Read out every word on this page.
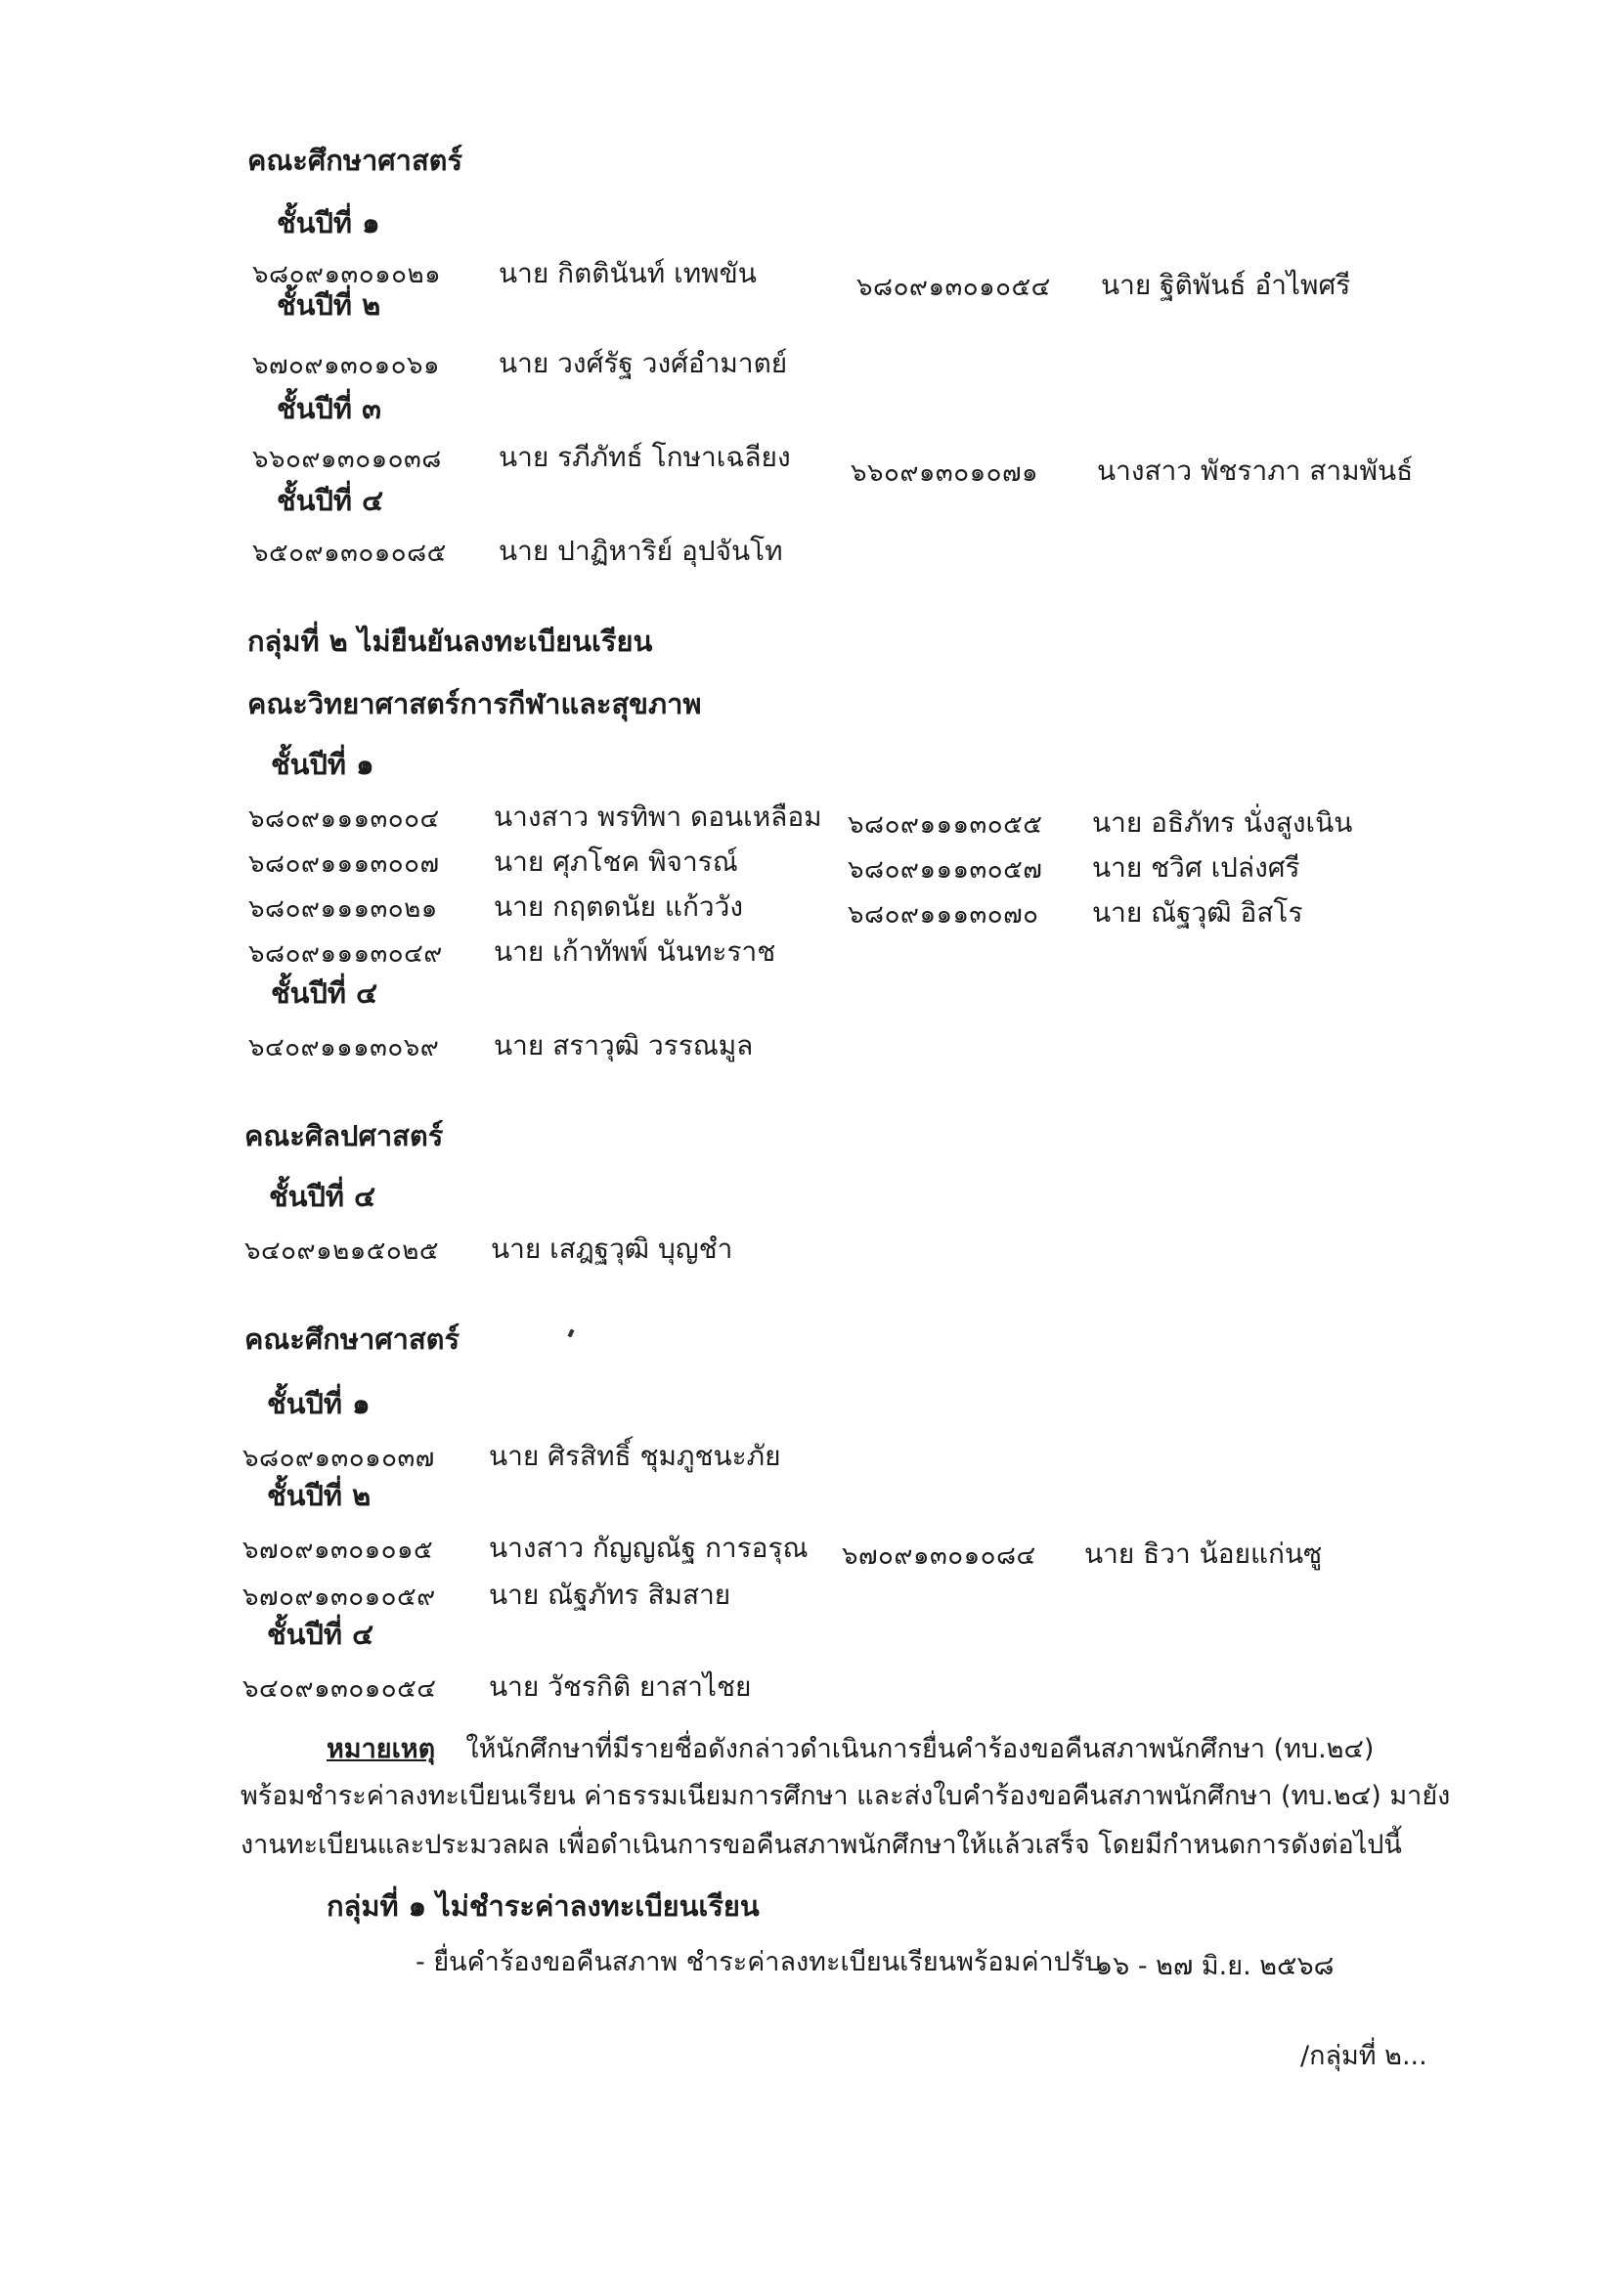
คณะศึกษาศาสตร์
ชั้นปีที่ ๑
๖๘๐๙๑๓๐๑๐๒๑ นาย กิตตินันท์ เทพขัน	๖๘๐๙๑๓๐๑๐๕๔ นาย ฐิติพันธ์ อำไพศรี
ชั้นปีที่ ๒
๖๗๐๙๑๓๐๑๐๖๑ นาย วงศ์รัฐ วงศ์อำมาตย์
ชั้นปีที่ ๓
๖๖๐๙๑๓๐๑๐๓๘ นาย รภีภัทธ์ โกษาเฉลียง ๖๖๐๙๑๓๐๑๐๗๑ นางสาว พัชราภา สามพันธ์
ชั้นปีที่ ๔
๖๕๐๙๑๓๐๑๐๘๕ นาย ปาฏิหาริย์ อุปจันโท
กลุ่มที่ ๒ ไม่ยืนยันลงทะเบียนเรียน
คณะวิทยาศาสตร์การกีฬาและสุขภาพ
ชั้นปีที่ ๑
๖๘๐๙๑๑๑๓๐๐๔ นางสาว พรทิพา ดอนเหลือม ๖๘๐๙๑๑๑๓๐๕๕ นาย อธิภัทร นั่งสูงเนิน
๖๘๐๙๑๑๑๓๐๐๗ นาย ศุภโชค พิจารณ์	๖๘๐๙๑๑๑๓๐๕๗ นาย ชวิศ เปล่งศรี
๖๘๐๙๑๑๑๓๐๒๑ นาย กฤตดนัย แก้ววัง	๖๘๐๙๑๑๑๓๐๗๐ นาย ณัฐวุฒิ อิสโร
๖๘๐๙๑๑๑๓๐๔๙ นาย เก้าทัพพ์ นันทะราช
ชั้นปีที่ ๔
๖๔๐๙๑๑๑๓๐๖๙ นาย สราวุฒิ วรรณมูล
คณะศิลปศาสตร์
ชั้นปีที่ ๔
๖๔๐๙๑๒๑๕๐๒๕ นาย เสฎฐวุฒิ บุญชำ
คณะศึกษาศาสตร์
ชั้นปีที่ ๑
๖๘๐๙๑๓๐๑๐๓๗ นาย ศิรสิทธิ์ ชุมภูชนะภัย
ชั้นปีที่ ๒
๖๗๐๙๑๓๐๑๐๑๕ นางสาว กัญญณัฐ การอรุณ ๖๗๐๙๑๓๐๑๐๘๔ นาย ธิวา น้อยแก่นซู
๖๗๐๙๑๓๐๑๐๕๙ นาย ณัฐภัทร สิมสาย
ชั้นปีที่ ๔
๖๔๐๙๑๓๐๑๐๕๔ นาย วัชรกิติ ยาสาไชย
หมายเหตุ ให้นักศึกษาที่มีรายชื่อดังกล่าวดำเนินการยื่นคำร้องขอคืนสภาพนักศึกษา (ทบ.๒๔)
พร้อมชำระค่าลงทะเบียนเรียน ค่าธรรมเนียมการศึกษา และส่งใบคำร้องขอคืนสภาพนักศึกษา (ทบ.๒๔) มายัง
งานทะเบียนและประมวลผล เพื่อดำเนินการขอคืนสภาพนักศึกษาให้แล้วเสร็จ โดยมีกำหนดการดังต่อไปนี้
กลุ่มที่ ๑ ไม่ชำระค่าลงทะเบียนเรียน
- ยื่นคำร้องขอคืนสภาพ ชำระค่าลงทะเบียนเรียนพร้อมค่าปรับ
๑๖ - ๒๗ มิ.ย. ๒๕๖๘
/กลุ่มที่ ๒...
